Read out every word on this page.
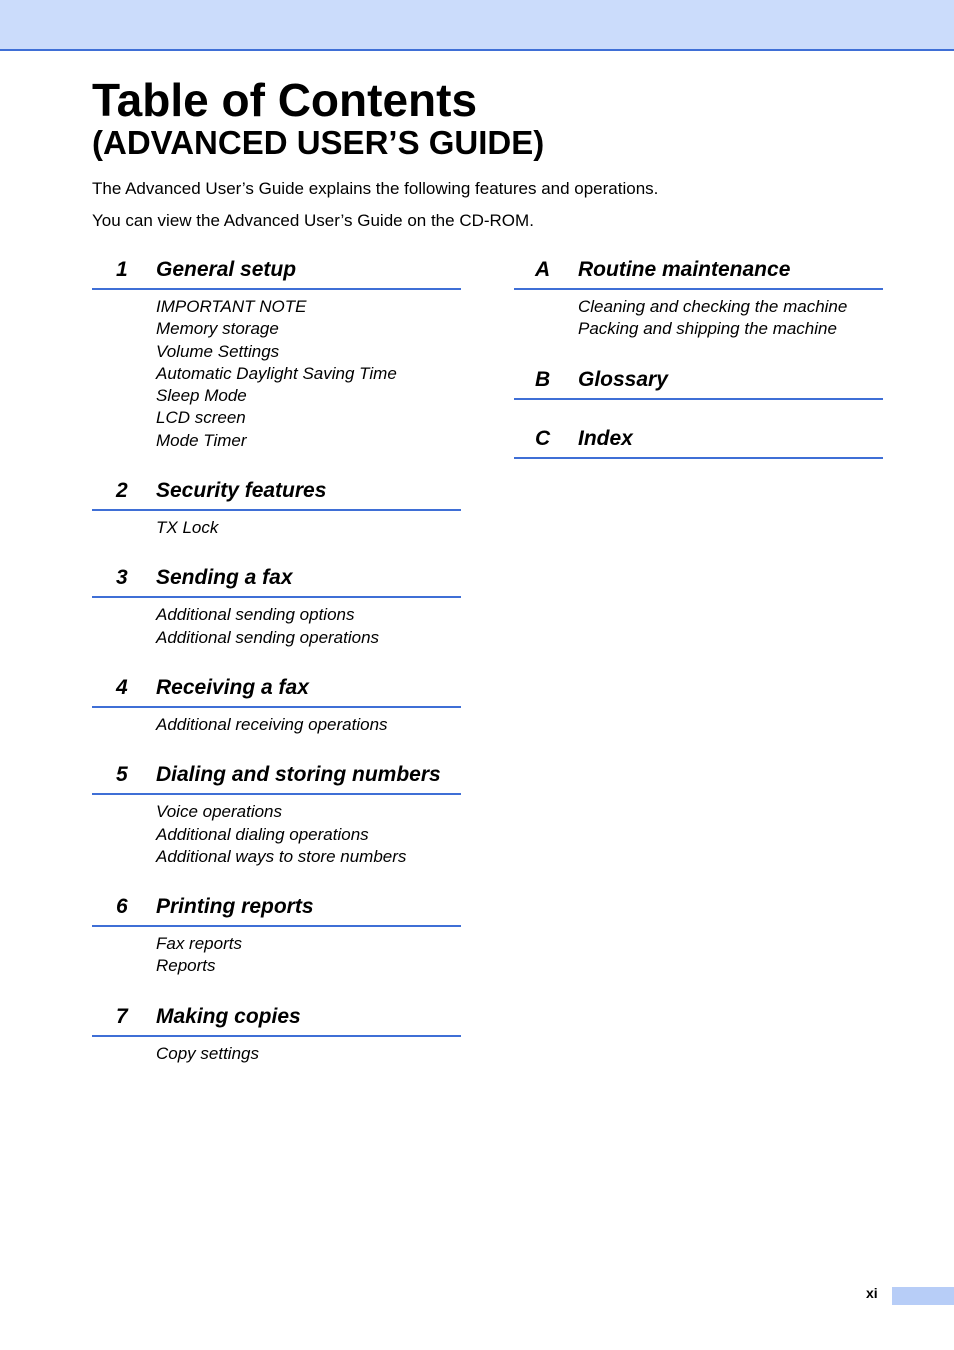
Table of Contents
(ADVANCED USER’S GUIDE)

The Advanced User’s Guide explains the following features and operations.

You can view the Advanced User’s Guide on the CD-ROM.

1 General setup
IMPORTANT NOTE
Memory storage
Volume Settings
Automatic Daylight Saving Time
Sleep Mode
LCD screen
Mode Timer
2 Security features
TX Lock
3 Sending a fax
Additional sending options
Additional sending operations
4 Receiving a fax
Additional receiving operations
5 Dialing and storing numbers
Voice operations
Additional dialing operations
Additional ways to store numbers
6 Printing reports
Fax reports
Reports
7 Making copies
Copy settings
A Routine maintenance
Cleaning and checking the machine
Packing and shipping the machine
B Glossary
C Index
xi
